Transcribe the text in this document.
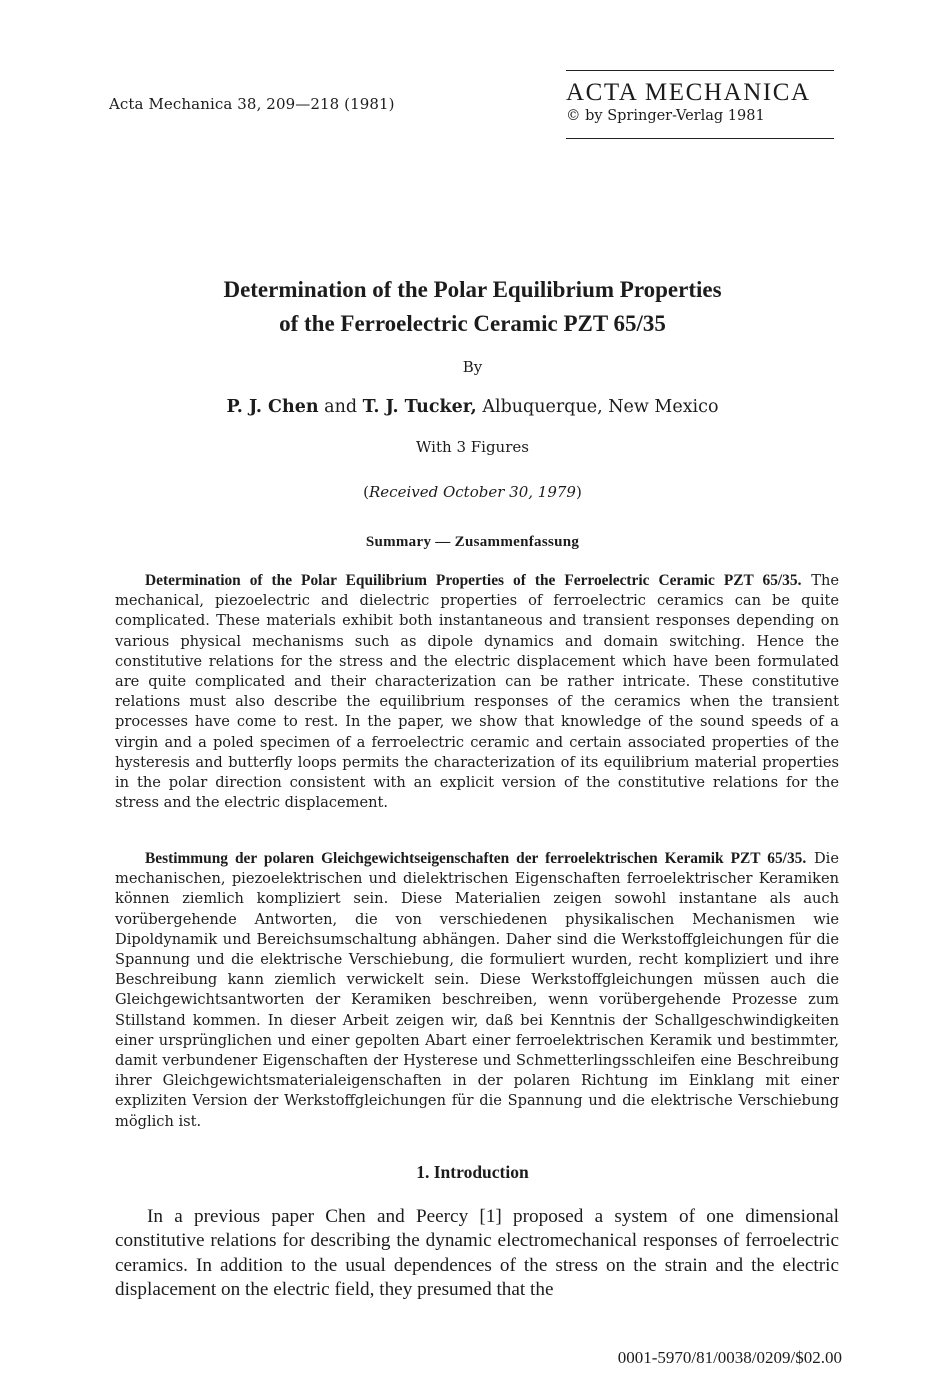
Acta Mechanica 38, 209—218 (1981)	ACTA MECHANICA
© by Springer-Verlag 1981
Determination of the Polar Equilibrium Properties
of the Ferroelectric Ceramic PZT 65/35
By
P. J. Chen and T. J. Tucker, Albuquerque, New Mexico
With 3 Figures
(Received October 30, 1979)
Summary — Zusammenfassung
Determination of the Polar Equilibrium Properties of the Ferroelectric Ceramic PZT 65/35. The mechanical, piezoelectric and dielectric properties of ferroelectric ceramics can be quite complicated. These materials exhibit both instantaneous and transient responses depending on various physical mechanisms such as dipole dynamics and domain switching. Hence the constitutive relations for the stress and the electric displacement which have been formulated are quite complicated and their characterization can be rather intricate. These constitutive relations must also describe the equilibrium responses of the ceramics when the transient processes have come to rest. In the paper, we show that knowledge of the sound speeds of a virgin and a poled specimen of a ferroelectric ceramic and certain associated properties of the hysteresis and butterfly loops permits the characterization of its equilibrium material properties in the polar direction consistent with an explicit version of the constitutive relations for the stress and the electric displacement.
Bestimmung der polaren Gleichgewichtseigenschaften der ferroelektrischen Keramik PZT 65/35. Die mechanischen, piezoelektrischen und dielektrischen Eigenschaften ferroelektrischer Keramiken können ziemlich kompliziert sein. Diese Materialien zeigen sowohl instantane als auch vorübergehende Antworten, die von verschiedenen physikalischen Mechanismen wie Dipoldynamik und Bereichsumschaltung abhängen. Daher sind die Werkstoffgleichungen für die Spannung und die elektrische Verschiebung, die formuliert wurden, recht kompliziert und ihre Beschreibung kann ziemlich verwickelt sein. Diese Werkstoffgleichungen müssen auch die Gleichgewichtsantworten der Keramiken beschreiben, wenn vorübergehende Prozesse zum Stillstand kommen. In dieser Arbeit zeigen wir, daß bei Kenntnis der Schallgeschwindigkeiten einer ursprünglichen und einer gepolten Abart einer ferroelektrischen Keramik und bestimmter, damit verbundener Eigenschaften der Hysterese und Schmetterlingsschleifen eine Beschreibung ihrer Gleichgewichtsmaterialeigenschaften in der polaren Richtung im Einklang mit einer expliziten Version der Werkstoffgleichungen für die Spannung und die elektrische Verschiebung möglich ist.
1. Introduction
In a previous paper Chen and Peercy [1] proposed a system of one dimensional constitutive relations for describing the dynamic electromechanical responses of ferroelectric ceramics. In addition to the usual dependences of the stress on the strain and the electric displacement on the electric field, they presumed that the
0001-5970/81/0038/0209/$02.00
